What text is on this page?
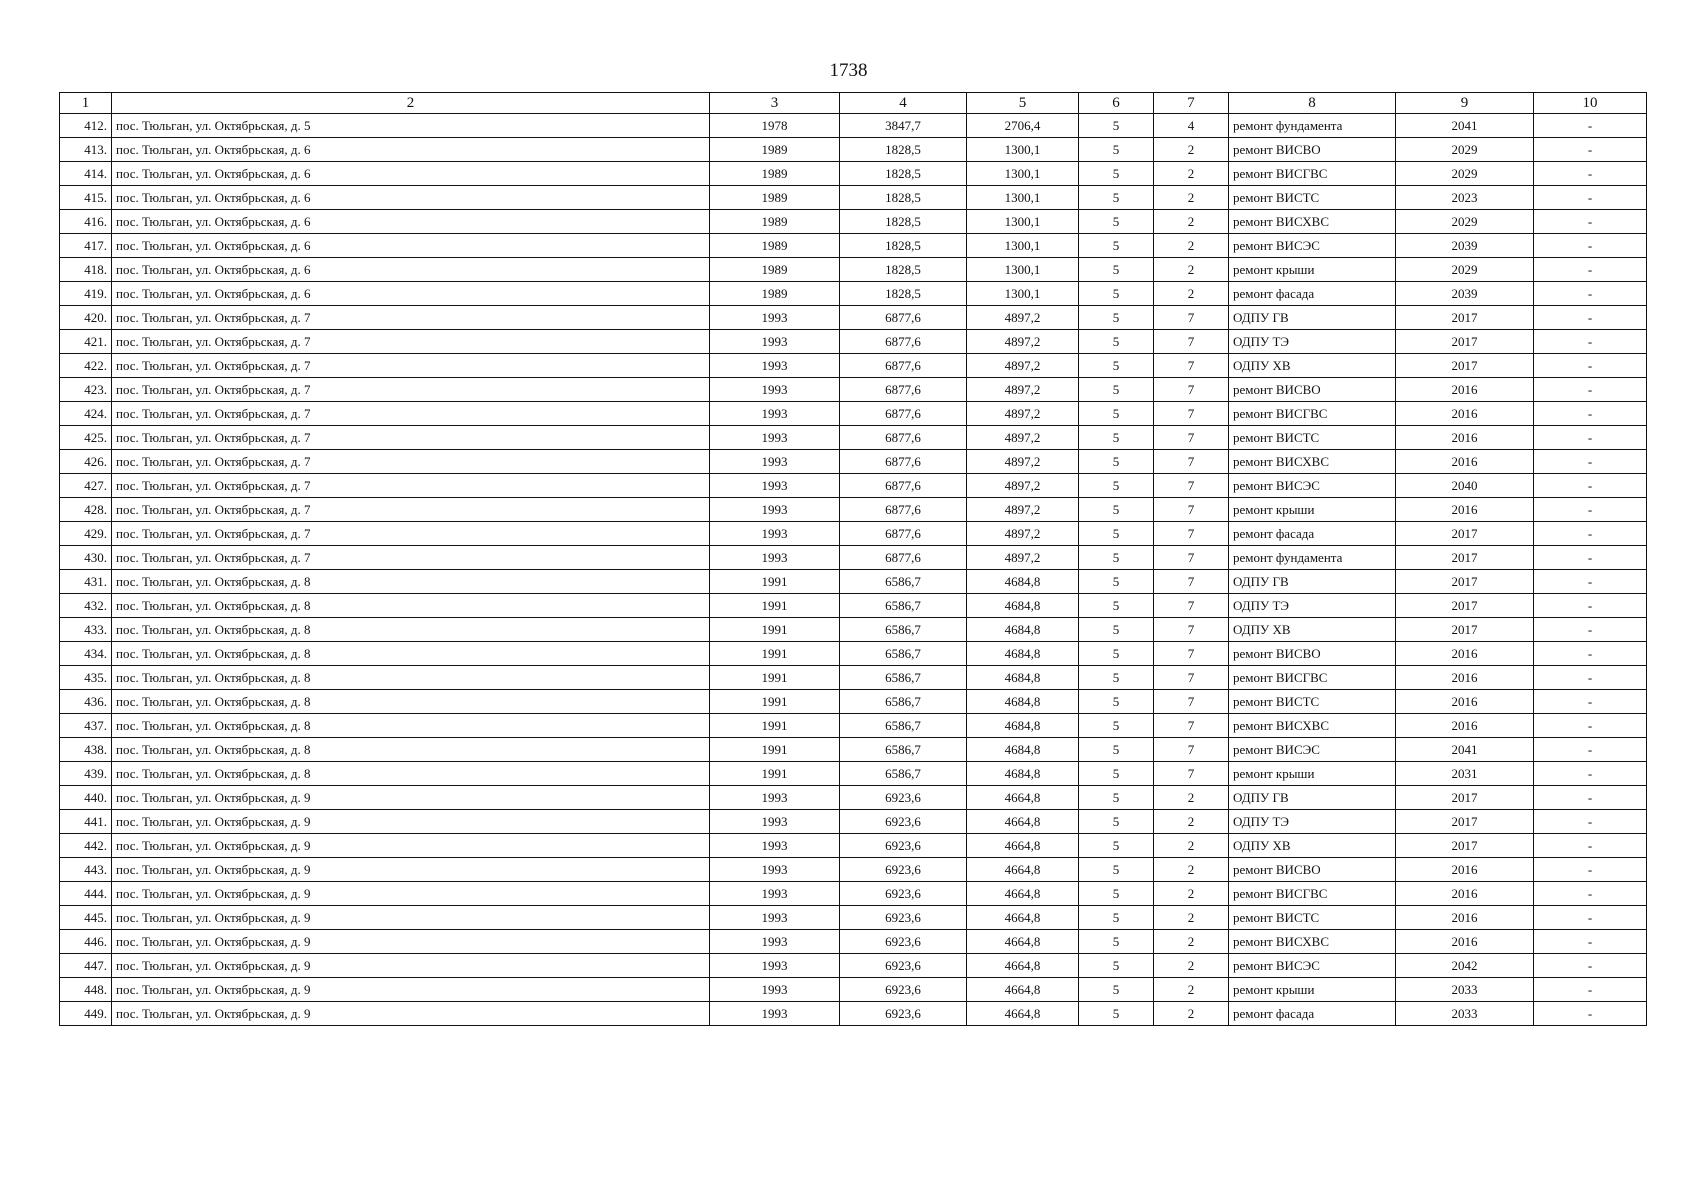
1738
1	2	3	4	5	6	7	8	9	10
412.	пос. Тюльган, ул. Октябрьская, д. 5	1978	3847,7	2706,4	5	4	ремонт фундамента	2041	-
413.	пос. Тюльган, ул. Октябрьская, д. 6	1989	1828,5	1300,1	5	2	ремонт ВИСВО	2029	-
414.	пос. Тюльган, ул. Октябрьская, д. 6	1989	1828,5	1300,1	5	2	ремонт ВИСГВС	2029	-
415.	пос. Тюльган, ул. Октябрьская, д. 6	1989	1828,5	1300,1	5	2	ремонт ВИСТС	2023	-
416.	пос. Тюльган, ул. Октябрьская, д. 6	1989	1828,5	1300,1	5	2	ремонт ВИСХВС	2029	-
417.	пос. Тюльган, ул. Октябрьская, д. 6	1989	1828,5	1300,1	5	2	ремонт ВИСЭС	2039	-
418.	пос. Тюльган, ул. Октябрьская, д. 6	1989	1828,5	1300,1	5	2	ремонт крыши	2029	-
419.	пос. Тюльган, ул. Октябрьская, д. 6	1989	1828,5	1300,1	5	2	ремонт фасада	2039	-
420.	пос. Тюльган, ул. Октябрьская, д. 7	1993	6877,6	4897,2	5	7	ОДПУ ГВ	2017	-
421.	пос. Тюльган, ул. Октябрьская, д. 7	1993	6877,6	4897,2	5	7	ОДПУ ТЭ	2017	-
422.	пос. Тюльган, ул. Октябрьская, д. 7	1993	6877,6	4897,2	5	7	ОДПУ ХВ	2017	-
423.	пос. Тюльган, ул. Октябрьская, д. 7	1993	6877,6	4897,2	5	7	ремонт ВИСВО	2016	-
424.	пос. Тюльган, ул. Октябрьская, д. 7	1993	6877,6	4897,2	5	7	ремонт ВИСГВС	2016	-
425.	пос. Тюльган, ул. Октябрьская, д. 7	1993	6877,6	4897,2	5	7	ремонт ВИСТС	2016	-
426.	пос. Тюльган, ул. Октябрьская, д. 7	1993	6877,6	4897,2	5	7	ремонт ВИСХВС	2016	-
427.	пос. Тюльган, ул. Октябрьская, д. 7	1993	6877,6	4897,2	5	7	ремонт ВИСЭС	2040	-
428.	пос. Тюльган, ул. Октябрьская, д. 7	1993	6877,6	4897,2	5	7	ремонт крыши	2016	-
429.	пос. Тюльган, ул. Октябрьская, д. 7	1993	6877,6	4897,2	5	7	ремонт фасада	2017	-
430.	пос. Тюльган, ул. Октябрьская, д. 7	1993	6877,6	4897,2	5	7	ремонт фундамента	2017	-
431.	пос. Тюльган, ул. Октябрьская, д. 8	1991	6586,7	4684,8	5	7	ОДПУ ГВ	2017	-
432.	пос. Тюльган, ул. Октябрьская, д. 8	1991	6586,7	4684,8	5	7	ОДПУ ТЭ	2017	-
433.	пос. Тюльган, ул. Октябрьская, д. 8	1991	6586,7	4684,8	5	7	ОДПУ ХВ	2017	-
434.	пос. Тюльган, ул. Октябрьская, д. 8	1991	6586,7	4684,8	5	7	ремонт ВИСВО	2016	-
435.	пос. Тюльган, ул. Октябрьская, д. 8	1991	6586,7	4684,8	5	7	ремонт ВИСГВС	2016	-
436.	пос. Тюльган, ул. Октябрьская, д. 8	1991	6586,7	4684,8	5	7	ремонт ВИСТС	2016	-
437.	пос. Тюльган, ул. Октябрьская, д. 8	1991	6586,7	4684,8	5	7	ремонт ВИСХВС	2016	-
438.	пос. Тюльган, ул. Октябрьская, д. 8	1991	6586,7	4684,8	5	7	ремонт ВИСЭС	2041	-
439.	пос. Тюльган, ул. Октябрьская, д. 8	1991	6586,7	4684,8	5	7	ремонт крыши	2031	-
440.	пос. Тюльган, ул. Октябрьская, д. 9	1993	6923,6	4664,8	5	2	ОДПУ ГВ	2017	-
441.	пос. Тюльган, ул. Октябрьская, д. 9	1993	6923,6	4664,8	5	2	ОДПУ ТЭ	2017	-
442.	пос. Тюльган, ул. Октябрьская, д. 9	1993	6923,6	4664,8	5	2	ОДПУ ХВ	2017	-
443.	пос. Тюльган, ул. Октябрьская, д. 9	1993	6923,6	4664,8	5	2	ремонт ВИСВО	2016	-
444.	пос. Тюльган, ул. Октябрьская, д. 9	1993	6923,6	4664,8	5	2	ремонт ВИСГВС	2016	-
445.	пос. Тюльган, ул. Октябрьская, д. 9	1993	6923,6	4664,8	5	2	ремонт ВИСТС	2016	-
446.	пос. Тюльган, ул. Октябрьская, д. 9	1993	6923,6	4664,8	5	2	ремонт ВИСХВС	2016	-
447.	пос. Тюльган, ул. Октябрьская, д. 9	1993	6923,6	4664,8	5	2	ремонт ВИСЭС	2042	-
448.	пос. Тюльган, ул. Октябрьская, д. 9	1993	6923,6	4664,8	5	2	ремонт крыши	2033	-
449.	пос. Тюльган, ул. Октябрьская, д. 9	1993	6923,6	4664,8	5	2	ремонт фасада	2033	-
